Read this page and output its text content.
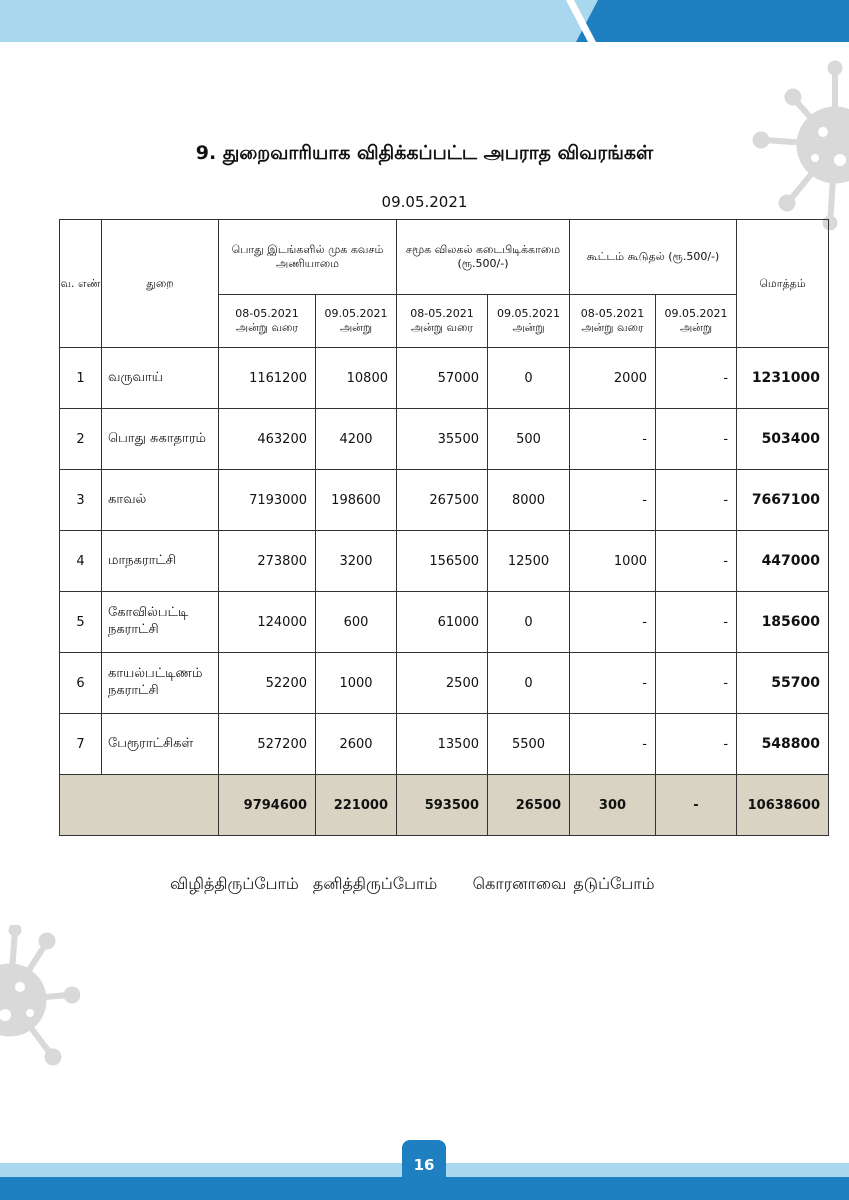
9. துறைவாரியாக விதிக்கப்பட்ட அபராத விவரங்கள்
09.05.2021
வ. எண்	துறை	பொது இடங்களில் முக கவசம் அணியாமை		சமூக விலகல் கடைபிடிக்காமை (ரூ.500/-)		கூட்டம் கூடுதல் (ரூ.500/-)		மொத்தம்
		08-05.2021 அன்று வரை	09.05.2021 அன்று	08-05.2021 அன்று வரை	09.05.2021 அன்று	08-05.2021 அன்று வரை	09.05.2021 அன்று	
1	வருவாய்	1161200	10800	57000	0	2000	-	1231000
2	பொது சுகாதாரம்	463200	4200	35500	500	-	-	503400
3	காவல்	7193000	198600	267500	8000	-	-	7667100
4	மாநகராட்சி	273800	3200	156500	12500	1000	-	447000
5	கோவில்பட்டி நகராட்சி	124000	600	61000	0	-	-	185600
6	காயல்பட்டிணம் நகராட்சி	52200	1000	2500	0	-	-	55700
7	பேரூராட்சிகள்	527200	2600	13500	5500	-	-	548800
		9794600	221000	593500	26500	300	-	10638600
விழித்திருப்போம்  தனித்திருப்போம்     கொரனாவை தடுப்போம்
16
